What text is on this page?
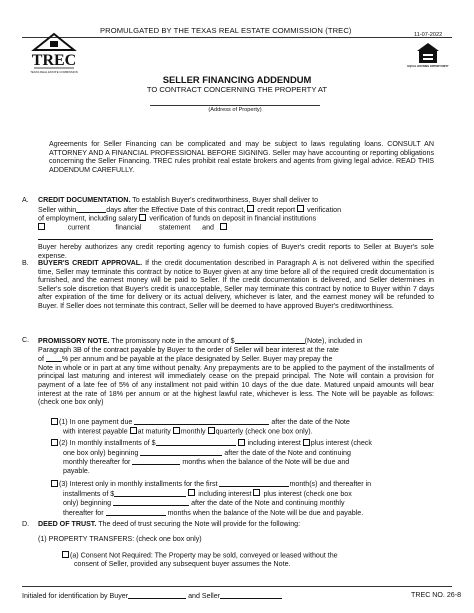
PROMULGATED BY THE TEXAS REAL ESTATE COMMISSION (TREC)	11-07-2022
TREC
TEXAS REAL ESTATE COMMISSION
EQUAL HOUSING OPPORTUNITY
SELLER FINANCING ADDENDUM
TO CONTRACT CONCERNING THE PROPERTY AT
(Address of Property)

Agreements for Seller Financing can be complicated and may be subject to laws regulating loans. CONSULT AN ATTORNEY AND A FINANCIAL PROFESSIONAL BEFORE SIGNING. Seller may have accounting or reporting obligations concerning the Seller Financing. TREC rules prohibit real estate brokers and agents from giving legal advice. READ THIS ADDENDUM CAREFULLY.

A. CREDIT DOCUMENTATION. To establish Buyer's creditworthiness, Buyer shall deliver to
Seller within	days after the Effective Date of this contract, credit report verification
of employment, including salary verification of funds on deposit in financial institutions
current	financial	statement and

Buyer hereby authorizes any credit reporting agency to furnish copies of Buyer's credit reports to Seller at Buyer's sole expense.

B. BUYER'S CREDIT APPROVAL. If the credit documentation described in Paragraph A is not delivered within the specified time, Seller may terminate this contract by notice to Buyer given at any time before all of the required credit documentation is furnished, and the earnest money will be paid to Seller. If the credit documentation is delivered, and Seller determines in Seller's sole discretion that Buyer's credit is unacceptable, Seller may terminate this contract by notice to Buyer within 7 days after expiration of the time for delivery or its actual delivery, whichever is later, and the earnest money will be refunded to Buyer. If Seller does not terminate this contract, Seller will be deemed to have approved Buyer's creditworthiness.

C. PROMISSORY NOTE. The promissory note in the amount of $	(Note), included in
Paragraph 3B of the contract payable by Buyer to the order of Seller will bear interest at the rate
of	% per annum and be payable at the place designated by Seller. Buyer may prepay the

Note in whole or in part at any time without penalty. Any prepayments are to be applied to the payment of the installments of principal last maturing and interest will immediately cease on the prepaid principal. The Note will contain a provision for payment of a late fee of 5% of any installment not paid within 10 days of the due date. Matured unpaid amounts will bear interest at the rate of 18% per annum or at the highest lawful rate, whichever is less. The Note will be payable as follows: (check one box only)

(1) In one payment due	after the date of the Note
with interest payable at maturity monthly quarterly (check one box only).
(2) In monthly installments of $	including interest plus interest (check
one box only) beginning	after the date of the Note and continuing
monthly thereafter for	months when the balance of the Note will be due and
payable.
(3) Interest only in monthly installments for the first	month(s) and thereafter in
installments of $	including interest plus interest (check one box
only) beginning	after the date of the Note and continuing monthly
thereafter for	months when the balance of the Note will be due and payable.
D. DEED OF TRUST. The deed of trust securing the Note will provide for the following:
(1) PROPERTY TRANSFERS: (check one box only)
(a) Consent Not Required: The Property may be sold, conveyed or leased without the
consent of Seller, provided any subsequent buyer assumes the Note.
Initialed for identification by Buyer	and Seller	TREC NO. 26-8
